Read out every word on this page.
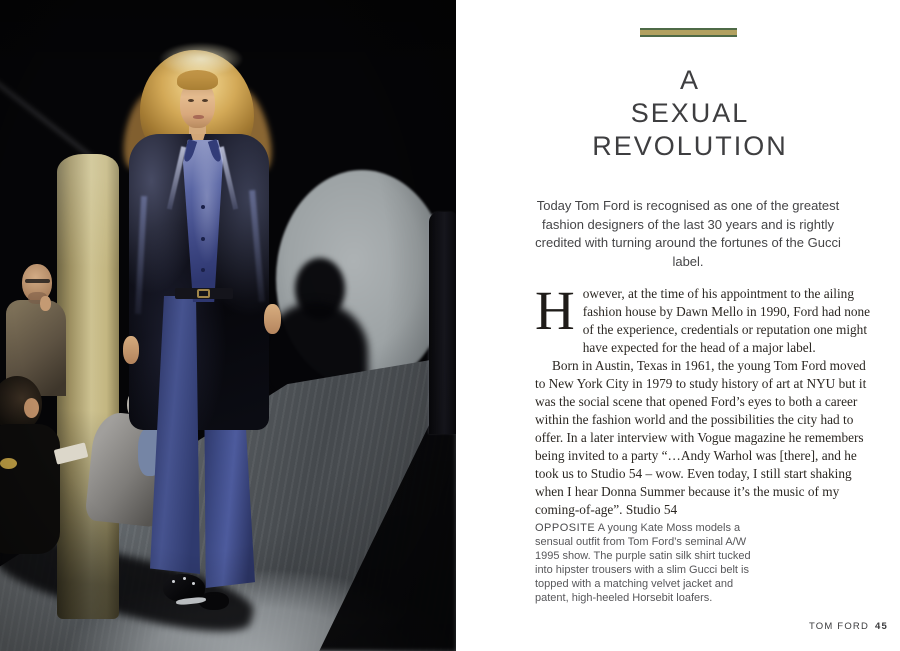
A
SEXUAL
REVOLUTION
Today Tom Ford is recognised as one of the greatest fashion designers of the last 30 years and is rightly credited with turning around the fortunes of the Gucci label.

However, at the time of his appointment to the ailing fashion house by Dawn Mello in 1990, Ford had none of the experience, credentials or reputation one might have expected for the head of a major label.

Born in Austin, Texas in 1961, the young Tom Ford moved to New York City in 1979 to study history of art at NYU but it was the social scene that opened Ford’s eyes to both a career within the fashion world and the possibilities the city had to offer. In a later interview with Vogue magazine he remembers being invited to a party “…Andy Warhol was [there], and he took us to Studio 54 – wow. Even today, I still start shaking when I hear Donna Summer because it’s the music of my coming-of-age”. Studio 54

OPPOSITE A young Kate Moss models a sensual outfit from Tom Ford’s seminal A/W 1995 show. The purple satin silk shirt tucked into hipster trousers with a slim Gucci belt is topped with a matching velvet jacket and patent, high-heeled Horsebit loafers.
TOM FORD 45
